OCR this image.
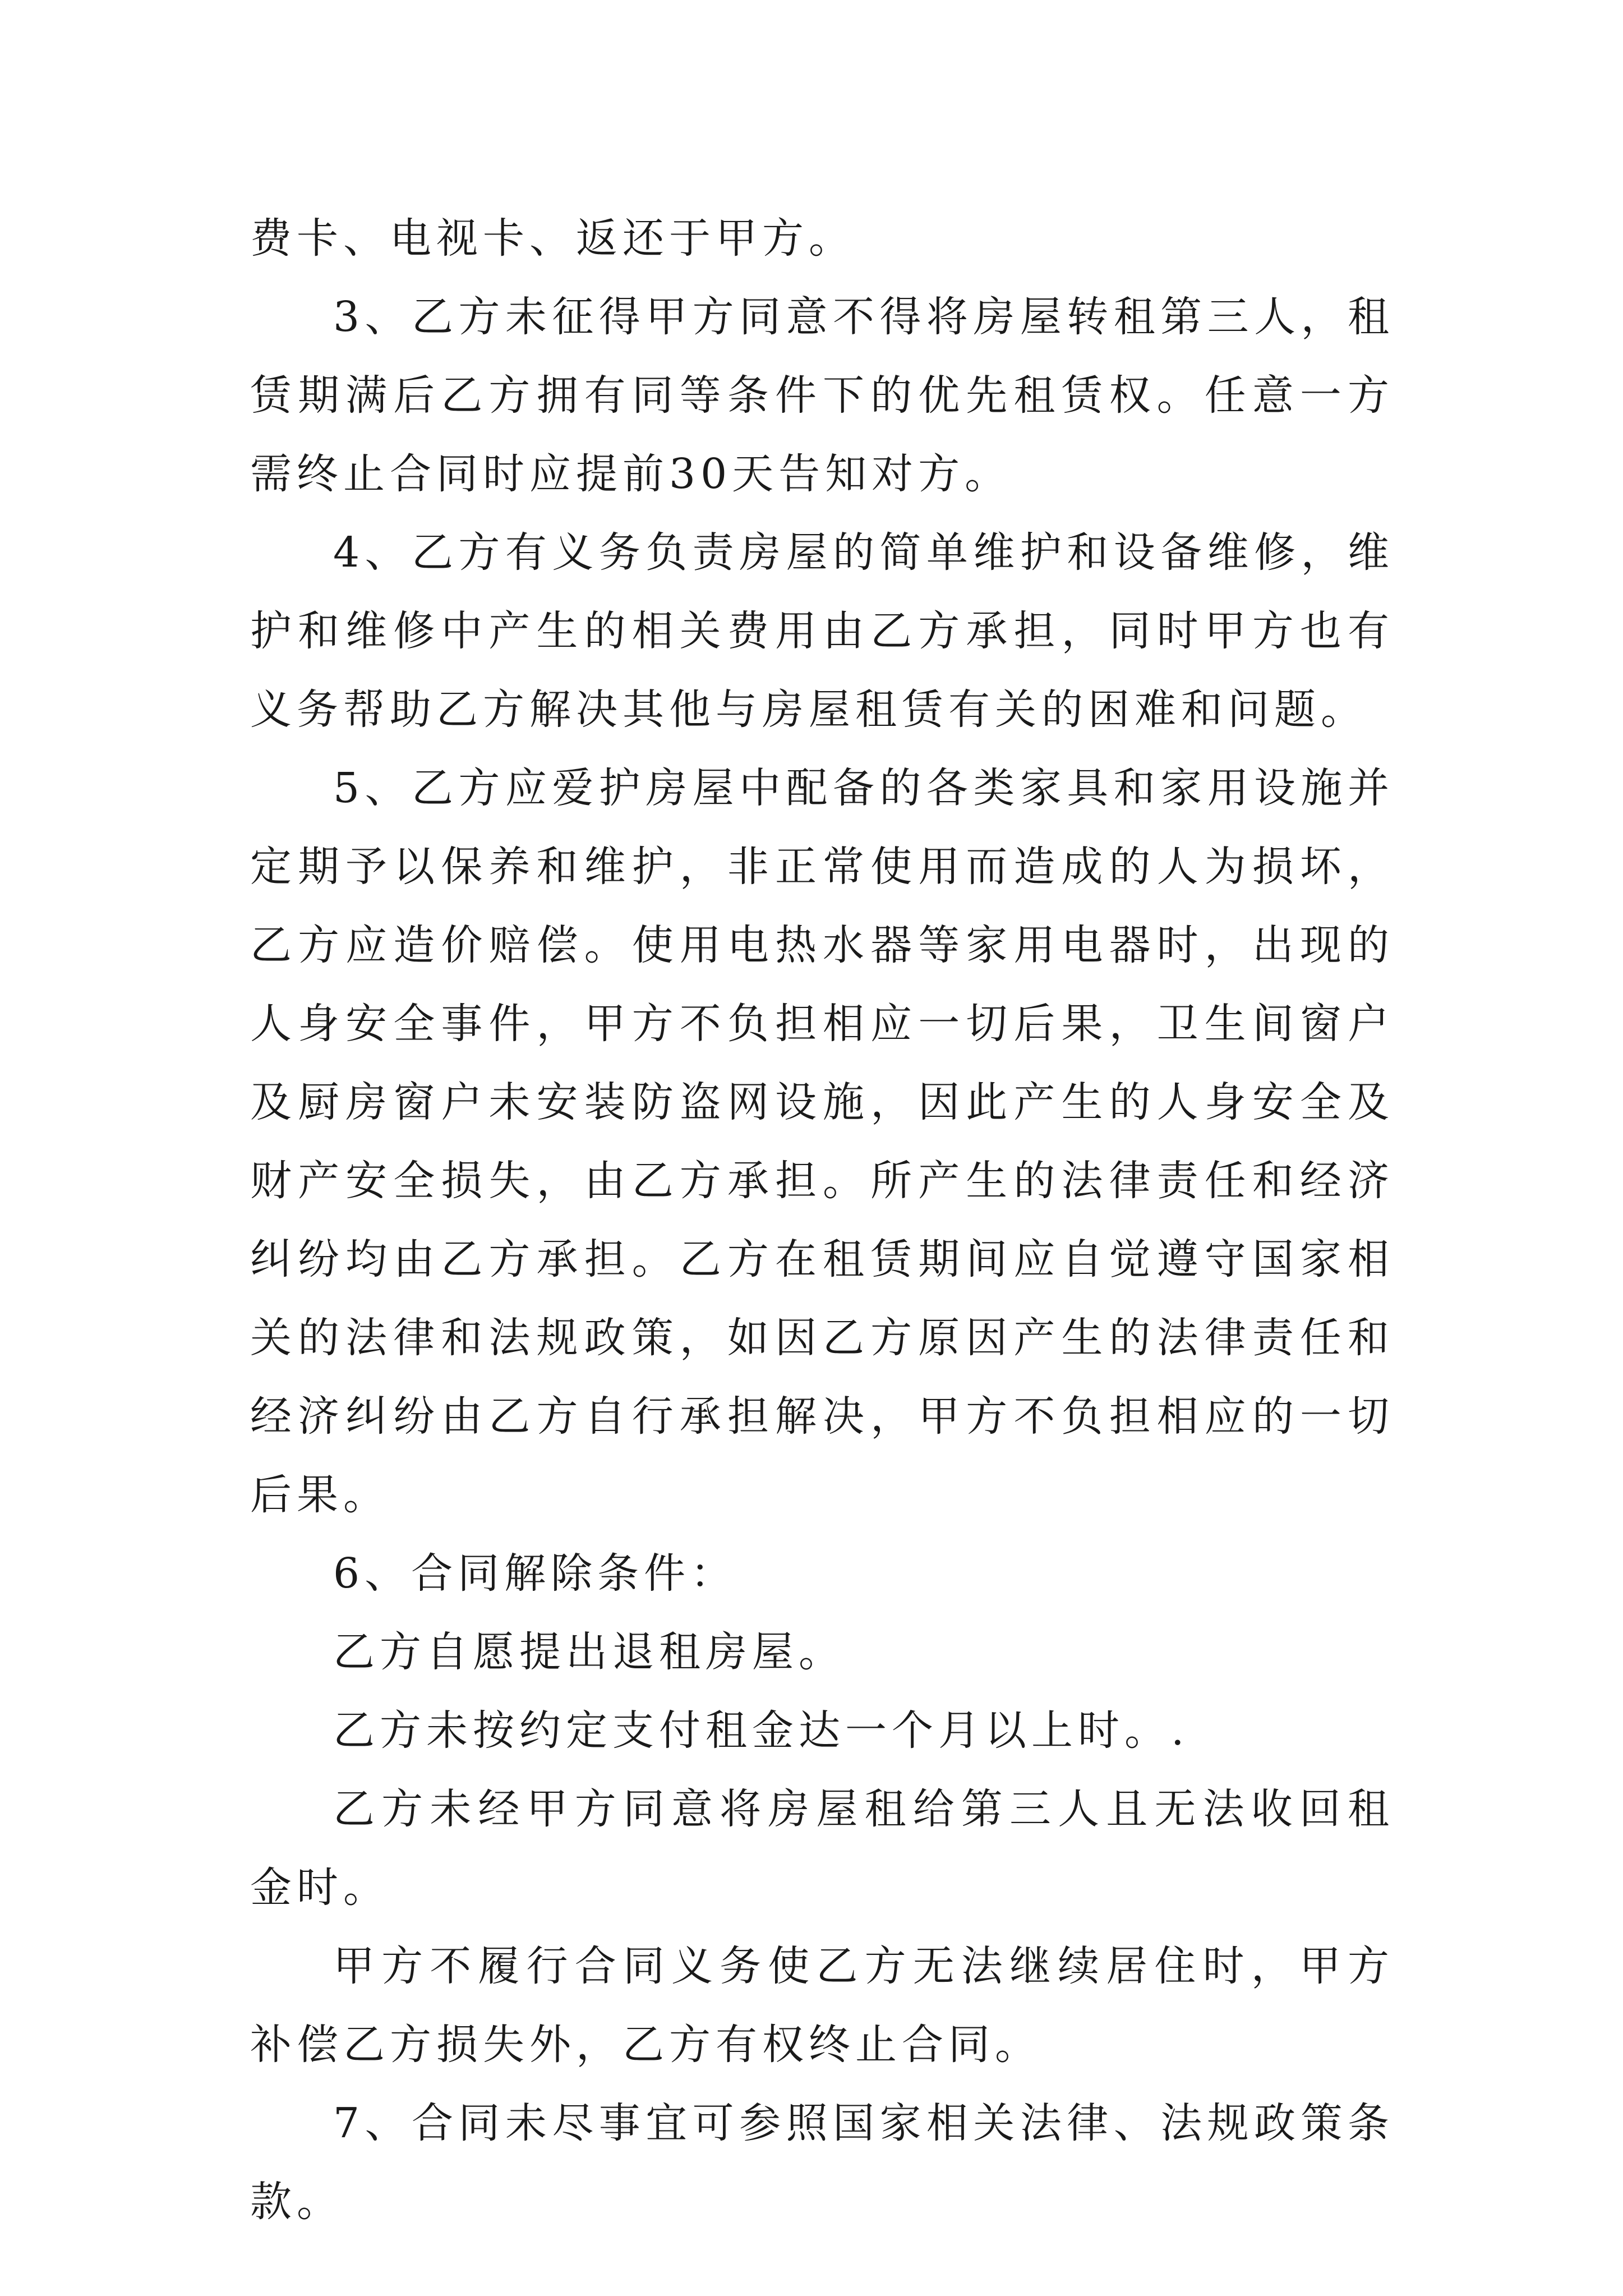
费卡、电视卡、返还于甲方。

3、乙方未征得甲方同意不得将房屋转租第三人，租赁期满后乙方拥有同等条件下的优先租赁权。任意一方需终止合同时应提前30天告知对方。

4、乙方有义务负责房屋的简单维护和设备维修，维护和维修中产生的相关费用由乙方承担，同时甲方也有义务帮助乙方解决其他与房屋租赁有关的困难和问题。

5、乙方应爱护房屋中配备的各类家具和家用设施并定期予以保养和维护，非正常使用而造成的人为损坏，乙方应造价赔偿。使用电热水器等家用电器时，出现的人身安全事件，甲方不负担相应一切后果，卫生间窗户及厨房窗户未安装防盗网设施，因此产生的人身安全及财产安全损失，由乙方承担。所产生的法律责任和经济纠纷均由乙方承担。乙方在租赁期间应自觉遵守国家相关的法律和法规政策，如因乙方原因产生的法律责任和经济纠纷由乙方自行承担解决，甲方不负担相应的一切后果。

6、合同解除条件：

乙方自愿提出退租房屋。

乙方未按约定支付租金达一个月以上时。.

乙方未经甲方同意将房屋租给第三人且无法收回租金时。

甲方不履行合同义务使乙方无法继续居住时，甲方补偿乙方损失外，乙方有权终止合同。

7、合同未尽事宜可参照国家相关法律、法规政策条款。
